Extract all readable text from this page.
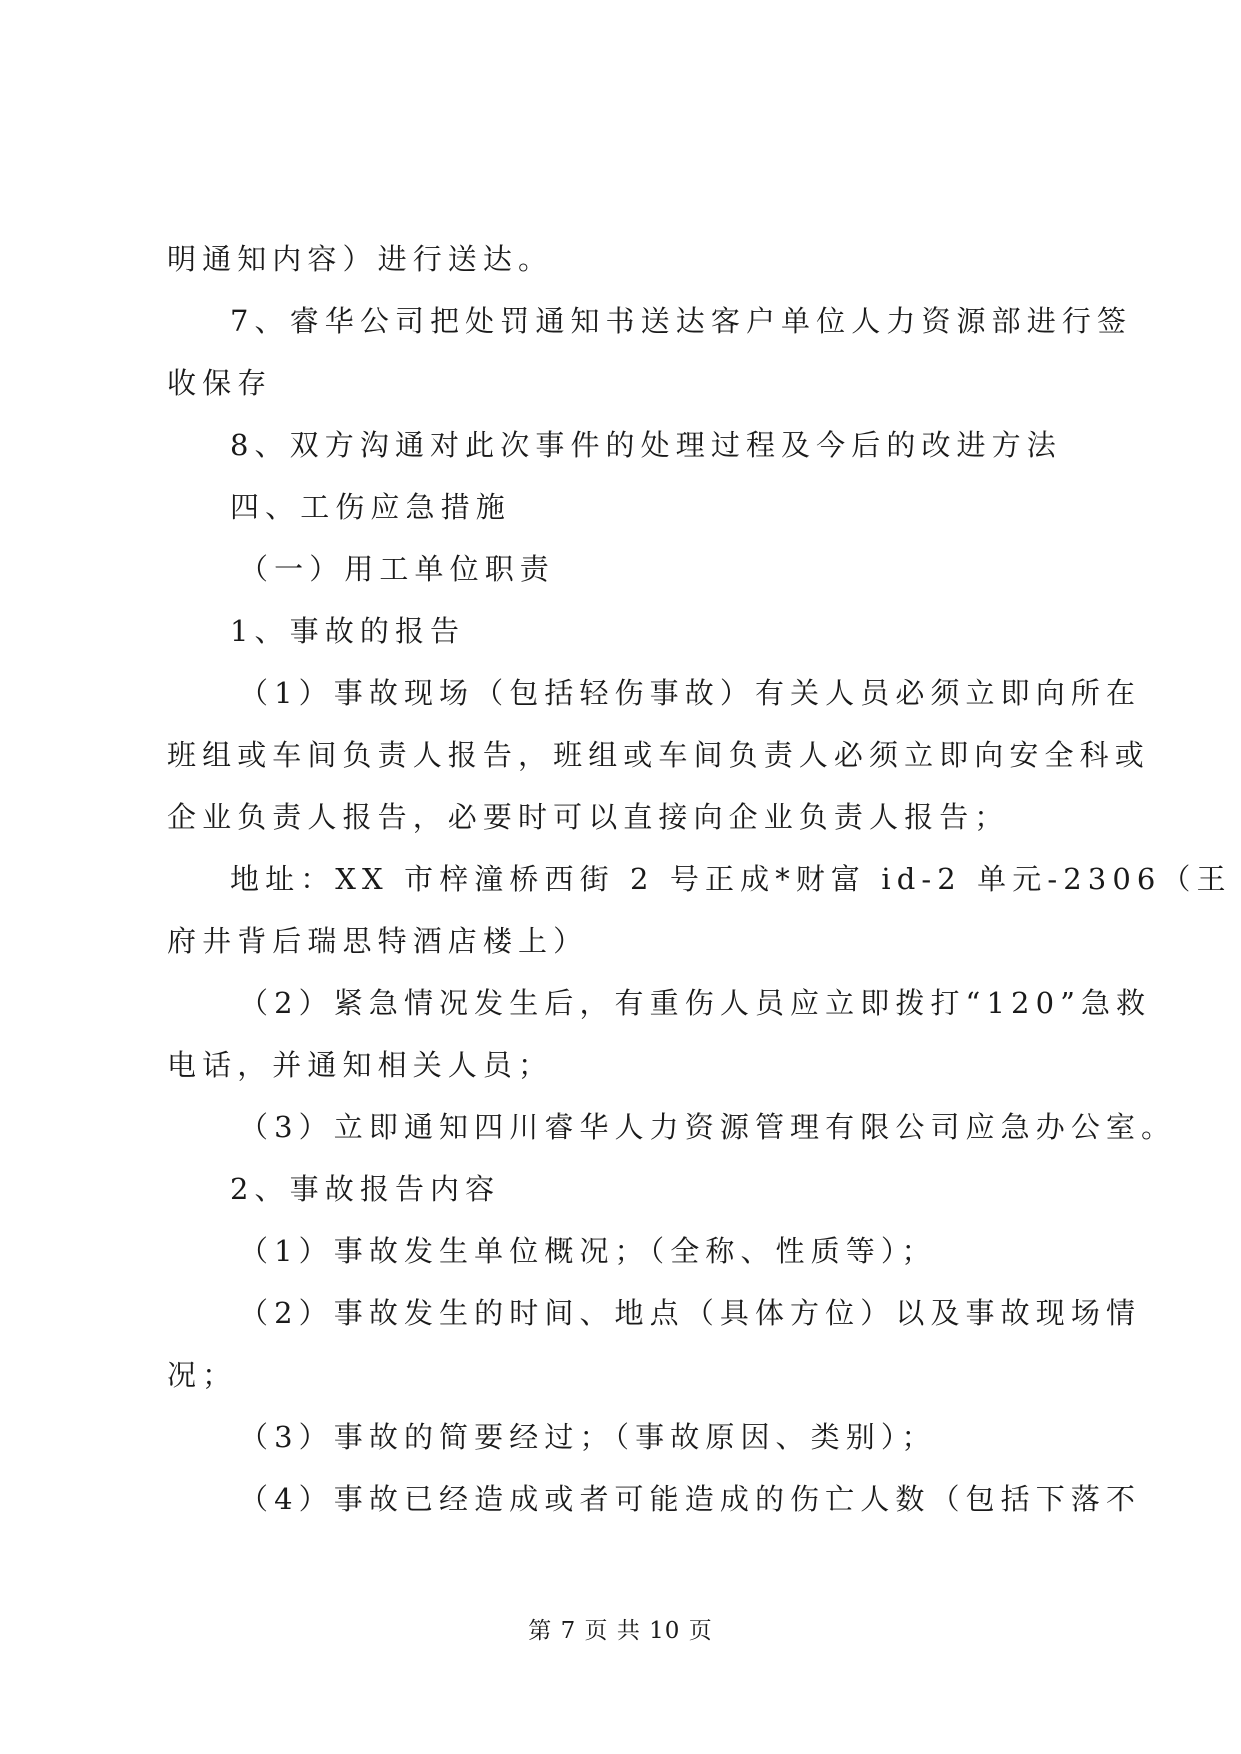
明通知内容）进行送达。
7、睿华公司把处罚通知书送达客户单位人力资源部进行签
收保存
8、双方沟通对此次事件的处理过程及今后的改进方法
四、工伤应急措施
（一）用工单位职责
1、事故的报告
（1）事故现场（包括轻伤事故）有关人员必须立即向所在
班组或车间负责人报告，班组或车间负责人必须立即向安全科或
企业负责人报告，必要时可以直接向企业负责人报告；
地址：XX 市梓潼桥西街 2 号正成*财富 id-2 单元-2306（王
府井背后瑞思特酒店楼上）
（2）紧急情况发生后，有重伤人员应立即拨打“120”急救
电话，并通知相关人员；
（3）立即通知四川睿华人力资源管理有限公司应急办公室。
2、事故报告内容
（1）事故发生单位概况；（全称、性质等）；
（2）事故发生的时间、地点（具体方位）以及事故现场情
况；
（3）事故的简要经过；（事故原因、类别）；
（4）事故已经造成或者可能造成的伤亡人数（包括下落不
第 7 页 共 10 页
